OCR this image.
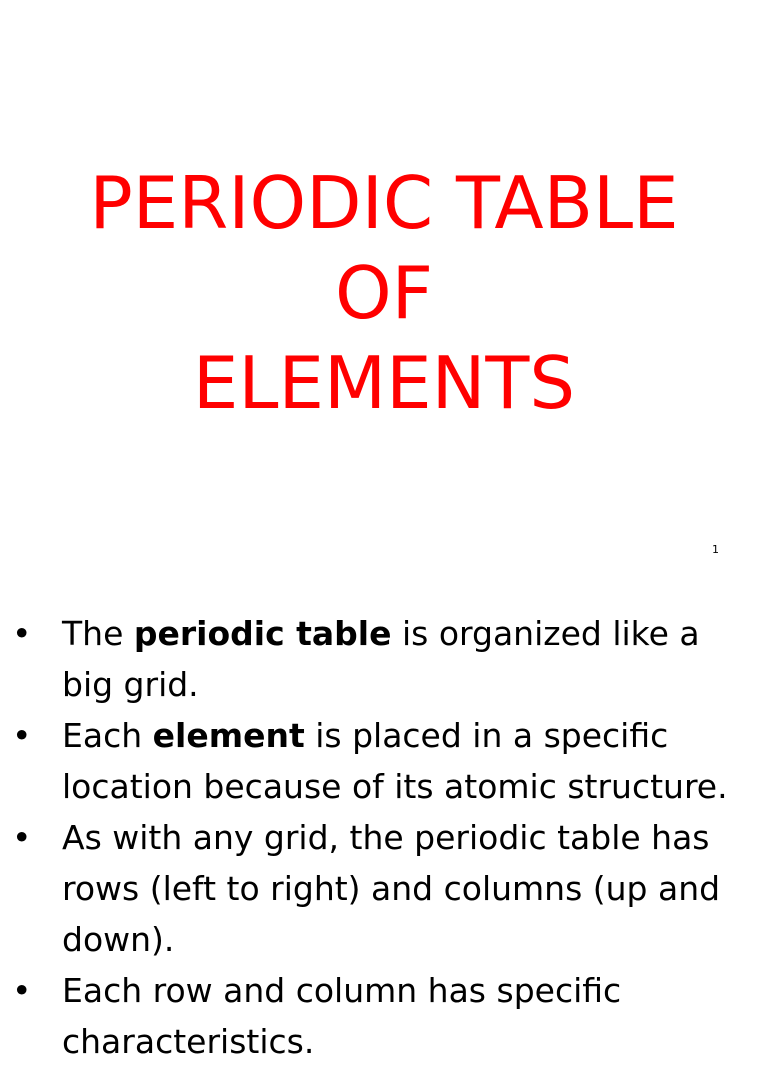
PERIODIC TABLE
OF
ELEMENTS
1
• The periodic table is organized like a big grid.
• Each element is placed in a specific location because of its atomic structure.
• As with any grid, the periodic table has rows (left to right) and columns (up and down).
• Each row and column has specific characteristics.
